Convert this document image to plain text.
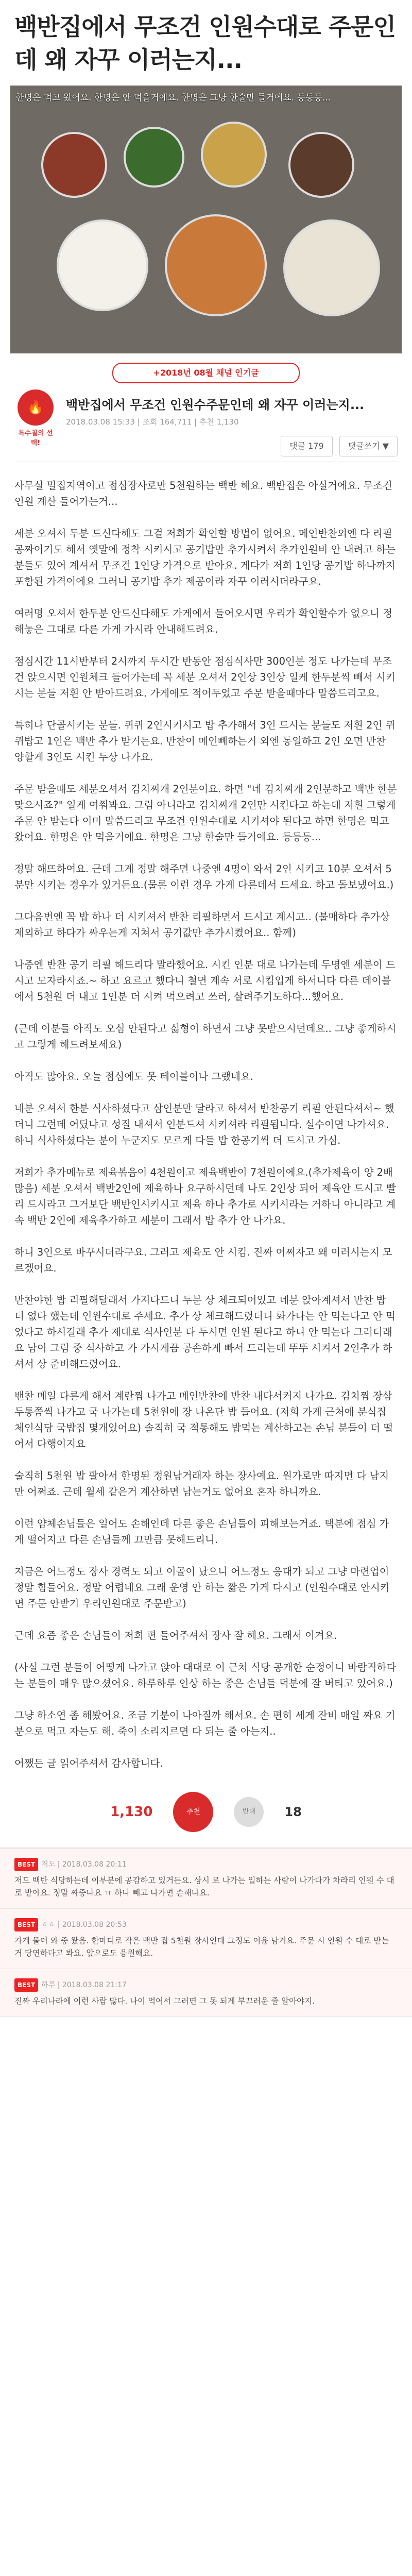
백반집에서 무조건 인원수대로 주문인데 왜 자꾸 이러는지...
한명은 먹고 왔어요. 한명은 안 먹을거에요. 한명은 그냥 한술만 들거에요. 등등등...
🔥
특수칠의 선택!
+2018년 08월 채널 인기글
백반집에서 무조건 인원수주문인데 왜 자꾸 이러는지...
2018.03.08 15:33 | 조회 164,711 | 추천 1,130
댓글 179	댓글쓰기 ▼

사무실 밀집지역이고 점심장사로만 5천원하는 백반 해요. 백반집은 아실거에요. 무조건 인원 계산 들어가는거...

세분 오셔서 두분 드신다해도 그걸 저희가 확인할 방법이 없어요. 메인반찬외엔 다 리필공짜이기도 해서 옛말에 정착 시키시고 공기밥만 추가시켜서 추가인원비 안 내려고 하는 분들도 있어 계셔서 무조건 1인당 가격으로 받아요. 게다가 저희 1인당 공기밥 하나까지 포함된 가격이에요 그러니 공기밥 추가 제공이라 자꾸 이러시더라구요.

여러명 오셔서 한두분 안드신다해도 가게에서 들어오시면 우리가 확인할수가 없으니 정해놓은 그대로 다른 가게 가시라 안내해드려요.

점심시간 11시반부터 2시까지 두시간 반동안 점심식사만 300인분 정도 나가는데 무조건 앉으시면 인원체크 들어가는데 꼭 세분 오셔서 2인상 3인상 일케 한두분씩 빼서 시키시는 분들 저흰 안 받아드려요. 가게에도 적어두었고 주문 받을때마다 말씀드리고요.

특히나 단골시키는 분들. 퀴퀴 2인시키시고 밥 추가해서 3인 드시는 분들도 저흰 2인 퀴퀴밥고 1인은 백반 추가 받거든요. 반찬이 메인빼하는거 외엔 동일하고 2인 오면 반찬 양할게 3인도 시킨 두상 나가요.

주문 받을때도 세분오셔서 김치찌개 2인분이요. 하면 "네 김치찌개 2인분하고 백반 한분 맞으시죠?" 일케 여쭤봐요. 그럼 아니라고 김치찌개 2인만 시킨다고 하는데 저흰 그렇게 주문 안 받는다 이미 말씀드리고 무조건 인원수대로 시키셔야 된다고 하면 한명은 먹고 왔어요. 한명은 안 먹을거에요. 한명은 그냥 한술만 들거에요. 등등등...

정말 해뜨하여요. 근데 그게 정말 해주면 나중엔 4명이 와서 2인 시키고 10분 오셔서 5분만 시키는 경우가 있거든요.(물론 이런 경우 가게 다른데서 드세요. 하고 돌보냈어요.)

그다음번엔 꼭 밥 하나 더 시키셔서 반찬 리필하면서 드시고 계시고.. (불매하다 추가상 제외하고 하다가 싸우는게 지쳐서 공기값만 추가시켰어요.. 함께)

나중엔 반찬 공기 리필 해드리다 말라했어요. 시킨 인분 대로 나가는데 두명엔 세분이 드시고 모자라시죠.~ 하고 요르고 했다니 철면 계속 서로 시킴입게 하서니다 다른 데이블에서 5천원 더 내고 1인분 더 시켜 먹으려고 쓰러, 살려주기도하다...했어요.

(근데 이분들 아직도 오심 안된다고 싫형이 하면서 그냥 못받으시던데요.. 그냥 좋게하시고 그렇게 해드려보세요)

아직도 많아요. 오늘 점심에도 못 테이블이나 그랬네요.

네분 오셔서 한분 식사하셨다고 삼인분만 달라고 하셔서 반찬공기 리필 안된다셔서~ 했더니 그런데 어딨냐고 성질 내셔서 인분드셔 시키셔라 리필됩니다. 실수이면 나가셔요. 하니 식사하셨다는 분이 누군지도 모르게 다들 밥 한공기씩 더 드시고 가심.

저희가 추가메뉴로 제육볶음이 4천원이고 제육백반이 7천원이에요.(추가제육이 양 2배 많음) 세분 오셔서 백반2인에 제육하나 요구하시던데 나도 2인상 되어 제육안 드시고 빨리 드시라고 그거보단 백반인시키시고 제육 하나 추가로 시키시라는 거하니 아니라고 계속 백반 2인에 제육추가하고 세분이 그래서 밥 추가 안 나가요.

하니 3인으로 바꾸시더라구요. 그러고 제육도 안 시킴. 진짜 어쩌자고 왜 이러시는지 모르겠어요.

반찬야한 밥 리필해달래서 가져다드니 두분 상 체크되어있고 네분 앉아계셔서 반찬 밥 더 없다 했는데 인원수대로 주세요. 추가 상 체크해드렸더니 화가나는 안 먹는다고 안 먹었다고 하시길래 추가 제대로 식사인분 다 두시면 인원 된다고 하니 안 먹는다 그러더래요 남이 그럼 중 식사하고 가 가시게끔 공손하게 빠서 드리는데 뚜뚜 시켜서 2인추가 하셔서 상 준비해드렸어요.

밴찬 메일 다른게 해서 계란찜 나가고 메인반찬에 반찬 내다서커지 나가요. 김치찜 장삼 두통쯤씩 나가고 국 나가는데 5천원에 장 나온단 밥 들어요. (저희 가게 근처에 분식집 체인식당 국밥집 몇개있어요) 솔직히 국 적통해도 밥먹는 계산하고는 손님 분들이 더 떨어서 다행이지요

술직히 5천원 밥 팔아서 한명된 정원남거래자 하는 장사예요. 원가로만 따지면 다 남지만 어쩌죠. 근데 월세 같은거 계산하면 남는거도 없어요 혼자 하니까요.

이런 얌체손님들은 일어도 손해인데 다른 좋은 손님들이 피해보는거죠. 택분에 점심 가게 떨어지고 다른 손님들께 끄만큼 못해드리니.

지금은 어느정도 장사 경력도 되고 이골이 났으니 어느정도 응대가 되고 그냥 마련업이 정말 힘들어요. 정말 어렵네요 그래 운영 안 하는 짧은 가게 다시고 (인원수대로 안시키면 주문 안받기 우리인원대로 주문받고)

근데 요즘 좋은 손님들이 저희 편 들어주셔서 장사 잘 해요. 그래서 이겨요.

(사실 그런 분들이 어떻게 나가고 앉아 대대로 이 근처 식당 공개한 순정이니 바람직하다는 분들이 매우 많으셨어요. 하루하루 인상 하는 좋은 손님들 덕분에 잘 버티고 있어요.)

그냥 하소연 좀 해봤어요. 조금 기분이 나아질까 해서요. 손 편히 세게 잔비 매일 짜요 기분으로 먹고 자는도 해. 죽이 소리지르면 다 되는 줄 아는지..

어쨌든 글 읽어주셔서 감사합니다.

1,130	추천	반대	18
BEST 저도 | 2018.03.08 20:11
저도 백반 식당하는데 이부분에 공감하고 있거든요. 상시 로 나가는 일하는 사람이 나가다가 차라리 인원 수 대로 받아요. 정말 짜증나요 ㅠ 하나 빼고 나가면 손해나요.
BEST ㅎㅎ | 2018.03.08 20:53
가게 물어 와 중 왔음. 한마디로 작은 백반 집 5천원 장사인데 그정도 이윤 남겨요. 주문 시 인원 수 대로 받는 거 당연하다고 봐요. 앞으로도 응원해요.
BEST 하루 | 2018.03.08 21:17
진짜 우리나라에 이런 사람 많다. 나이 먹어서 그러면 그 못 되게 부끄러운 줄 알아야지.
